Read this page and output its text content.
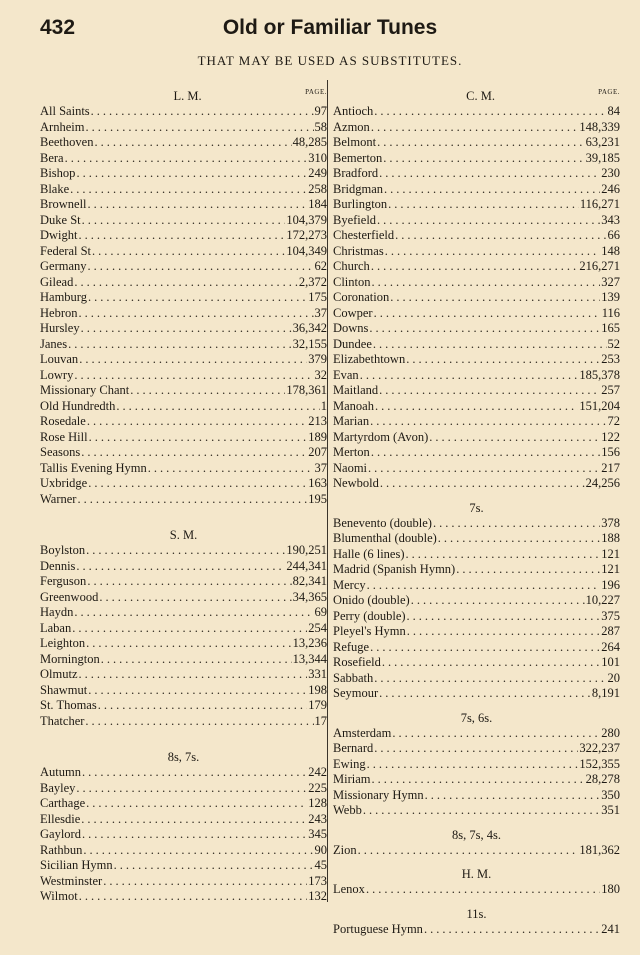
432	Old or Familiar Tunes
THAT MAY BE USED AS SUBSTITUTES.
L. M.	PAGE.
All Saints .....	97
Arnheim .....	58
Beethoven .....	48,285
Bera .....	310
Bishop .....	249
Blake .....	258
Brownell .....	184
Duke St .....	104,379
Dwight .....	172,273
Federal St .....	104,349
Germany .....	62
Gilead .....	2,372
Hamburg .....	175
Hebron .....	37
Hursley .....	36,342
Janes .....	32,155
Louvan .....	379
Lowry .....	32
Missionary Chant .....	178,361
Old Hundredth .....	1
Rosedale .....	213
Rose Hill .....	189
Seasons .....	207
Tallis Evening Hymn .....	37
Uxbridge .....	163
Warner .....	195
S. M.
Boylston .....	190,251
Dennis .....	244,341
Ferguson .....	82,341
Greenwood .....	34,365
Haydn .....	69
Laban .....	254
Leighton .....	13,236
Mornington .....	13,344
Olmutz .....	331
Shawmut .....	198
St. Thomas .....	179
Thatcher .....	17
8s, 7s.
Autumn .....	242
Bayley .....	225
Carthage .....	128
Ellesdie .....	243
Gaylord .....	345
Rathbun .....	90
Sicilian Hymn .....	45
Westminster .....	173
Wilmot .....	132
C. M.	PAGE.
Antioch .....	84
Azmon .....	148,339
Belmont .....	63,231
Bemerton .....	39,185
Bradford .....	230
Bridgman .....	246
Burlington .....	116,271
Byefield .....	343
Chesterfield .....	66
Christmas .....	148
Church .....	216,271
Clinton .....	327
Coronation .....	139
Cowper .....	116
Downs .....	165
Dundee .....	52
Elizabethtown .....	253
Evan .....	185,378
Maitland .....	257
Manoah .....	151,204
Marian .....	72
Martyrdom (Avon) .....	122
Merton .....	156
Naomi .....	217
Newbold .....	24,256
7s.
Benevento (double) .....	378
Blumenthal (double) .....	188
Halle (6 lines) .....	121
Madrid (Spanish Hymn) .....	121
Mercy .....	196
Onido (double) .....	10,227
Perry (double) .....	375
Pleyel's Hymn .....	287
Refuge .....	264
Rosefield .....	101
Sabbath .....	20
Seymour .....	8,191
7s, 6s.
Amsterdam .....	280
Bernard .....	322,237
Ewing .....	152,355
Miriam .....	28,278
Missionary Hymn .....	350
Webb .....	351
8s, 7s, 4s.
Zion .....	181,362
H. M.
Lenox .....	180
11s.
Portuguese Hymn .....	241
